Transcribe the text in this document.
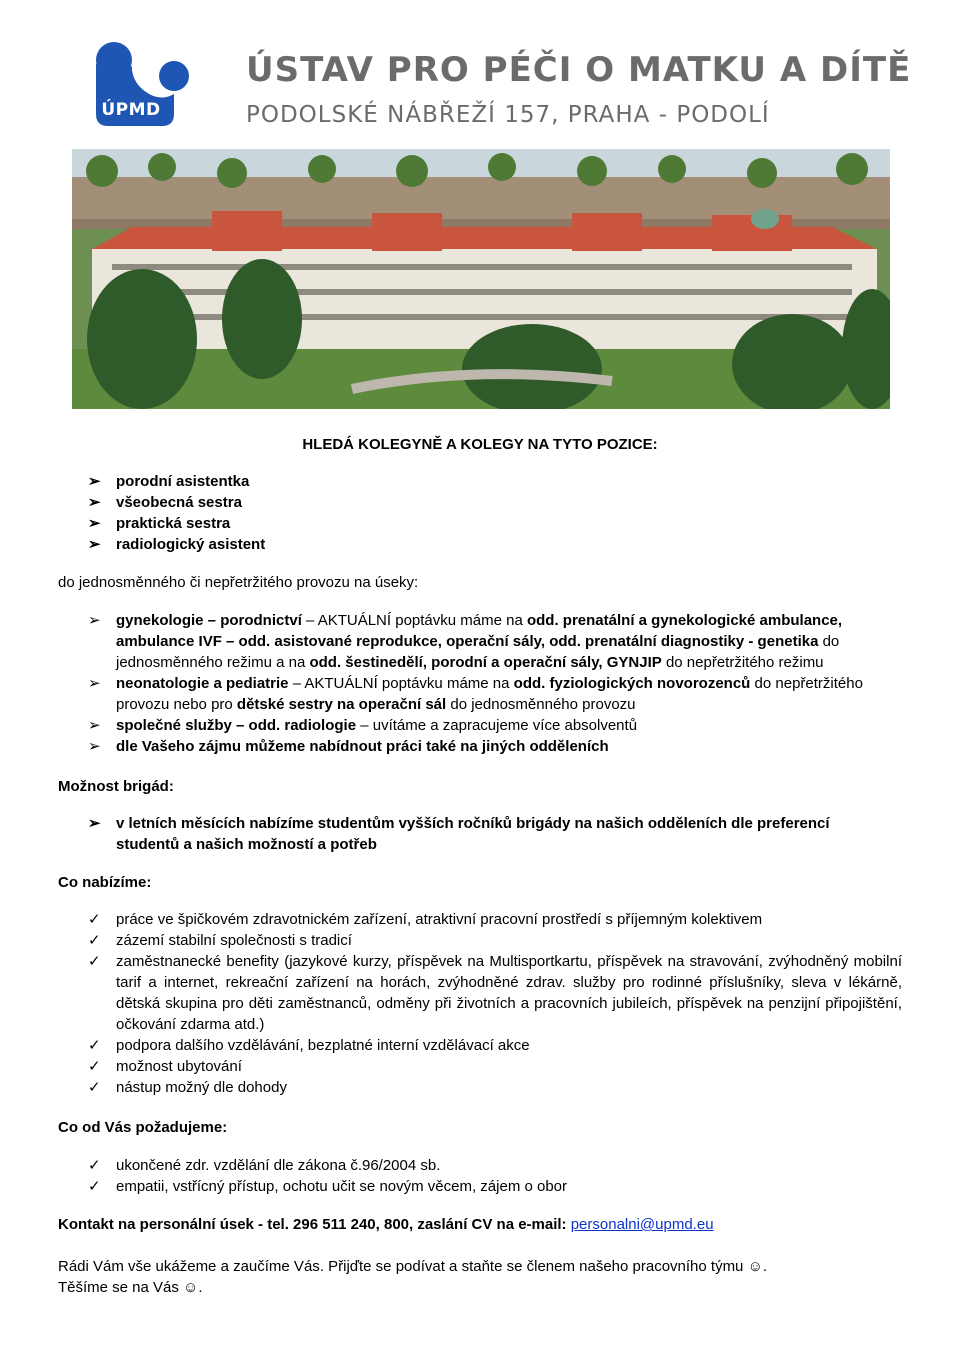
ÚPMD
ÚSTAV PRO PÉČI O MATKU A DÍTĚ
PODOLSKÉ NÁBŘEŽÍ 157, PRAHA - PODOLÍ
HLEDÁ KOLEGYNĚ A KOLEGY NA TYTO POZICE:
➢	porodní asistentka
➢	všeobecná sestra
➢	praktická sestra
➢	radiologický asistent
do jednosměnného či nepřetržitého provozu na úseky:
➢	gynekologie – porodnictví – AKTUÁLNÍ poptávku máme na odd. prenatální a gynekologické ambulance, ambulance IVF – odd. asistované reprodukce, operační sály, odd. prenatální diagnostiky - genetika do jednosměnného režimu a na odd. šestinedělí, porodní a operační sály, GYNJIP do nepřetržitého režimu
➢	neonatologie a pediatrie – AKTUÁLNÍ poptávku máme na odd. fyziologických novorozenců do nepřetržitého provozu nebo pro dětské sestry na operační sál do jednosměnného provozu
➢	společné služby – odd. radiologie – uvítáme a zapracujeme více absolventů
➢	dle Vašeho zájmu můžeme nabídnout práci také na jiných odděleních
Možnost brigád:
➢	v letních měsících nabízíme studentům vyšších ročníků brigády na našich odděleních dle preferencí studentů a našich možností a potřeb
Co nabízíme:
✓	práce ve špičkovém zdravotnickém zařízení, atraktivní pracovní prostředí s příjemným kolektivem
✓	zázemí stabilní společnosti s tradicí
✓	zaměstnanecké benefity (jazykové kurzy, příspěvek na Multisportkartu, příspěvek na stravování, zvýhodněný mobilní tarif a internet, rekreační zařízení na horách, zvýhodněné zdrav. služby pro rodinné příslušníky, sleva v lékárně, dětská skupina pro děti zaměstnanců, odměny při životních a pracovních jubileích, příspěvek na penzijní připojištění, očkování zdarma atd.)
✓	podpora dalšího vzdělávání, bezplatné interní vzdělávací akce
✓	možnost ubytování
✓	nástup možný dle dohody
Co od Vás požadujeme:
✓	ukončené zdr. vzdělání dle zákona č.96/2004 sb.
✓	empatii, vstřícný přístup, ochotu učit se novým věcem, zájem o obor
Kontakt na personální úsek - tel. 296 511 240, 800, zaslání CV na e-mail: personalni@upmd.eu
Rádi Vám vše ukážeme a zaučíme Vás. Přijďte se podívat a staňte se členem našeho pracovního týmu ☺.
Těšíme se na Vás ☺.
